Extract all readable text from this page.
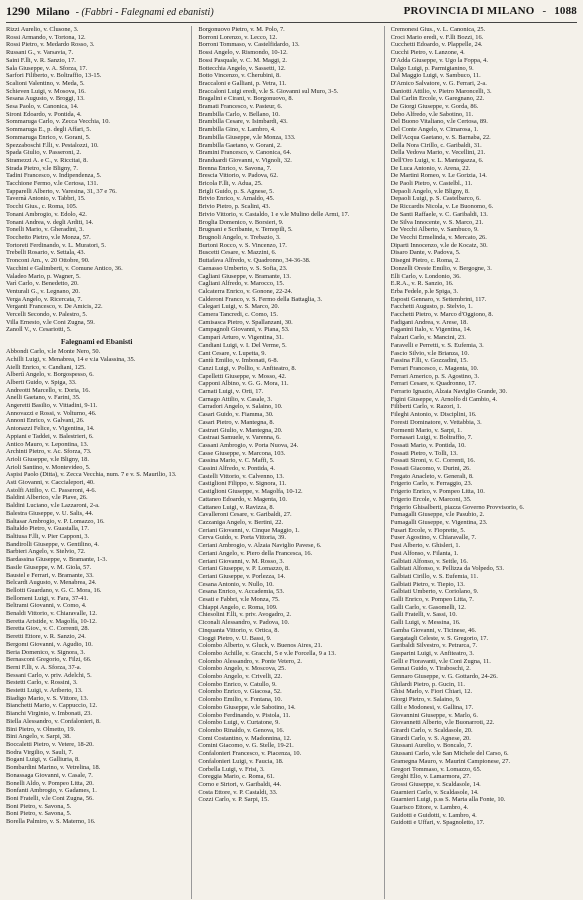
1290 Milano - (Fabbri - Falegnami ed ebanisti)	PROVINCIA DI MILANO - 1088
Rizzi Aurelio, v. Clusone, 3.
Rossi Armando, v. Tortona, 12.
Rossi Pietro, v. Medardo Rosso, 3.
Russani G., v. Varsavia, 7.
Saini F.lli, v. R. Sanzio, 17.
Sala Giuseppe, v. A. Sforza, 17.
Sarfori Filiberto, v. Boltraffio, 13-15.
Scalioni Valentino, v. Meda, 5.
Schieven Luigi, v. Mosova, 16.
Sesana Augusto, v. Broggi, 13.
Sesa Paolo, v. Canonica, 14.
Sironi Edoardo, v. Pontida, 4.
Sommaruga Carlo, v. Zecca Vecchia, 10.
Sommaruga E., p. degli Affari, 5.
Sommaruga Enrico, v. Gorani, 5.
Spezzaboschi F.lli, v. Pestalozzi, 10.
Spada Giulio, v. Passeroni, 2.
Stramezzi A. e C., v. Riccitai, 8.
Strada Pietro, v.le Bligny, 7.
Tadini Francesco, v. Indipendenza, 5.
Tacchione Fermo, v.le Certosa, 131.
Tapparelli Alberto, v. Varesina, 31, 37 e 76.
Tavernà Antonio, v. Tabbri, 15.
Tocchi Gius., c. Roma, 105.
Tonani Ambrogio, v. Edolo, 42.
Tonani Andrea, v. degli Arditi, 14.
Tonelli Mario, v. Gheradini, 3.
Tocchetto Pietro, v.le Monza, 57.
Tortoreti Ferdinando, v. L. Muratori, 5.
Trebelli Rosario, v. Settala, 43.
Tronconi Am., v. 20 Ottobre, 90.
Vacchini e Galimberti, v. Comune Antico, 36.
Valadeo Mario, p. Wagner, 5.
Varì Carlo, v. Benedetto, 20.
Venturali G., v. Legnano, 20.
Verga Angelo, v. Ricercata, 7.
Verganti Francesco, v. De Amicis, 22.
Vercelli Secondo, v. Palestro, 5.
Villa Ernesto, v.le Coni Zugna, 59.
Zanoll V., v. Cesariotti, 5.
Falegnami ed Ebanisti
Abbondi Carlo, v.le Monte Nero, 50.
Achilli Luigi, v. Menabrea, 14 e v.ia Valassina, 35.
Aielli Enrico, v. Candiani, 125.
Albertì Angelo, v. Borgospesso, 6.
Alberti Guido, v. Spiga, 33.
Andreotti Marcello, v. Doria, 16.
Anelli Gaetano, v. Farini, 35.
Angeretti Basilio, v. Vittadini, 9-11.
Annovazzi e Rossi, v. Volturno, 46.
Annoni Enrico, v. Galvani, 26.
Antonazzi Felice, v. Vigentina, 14.
Appiani e Taddei, v. Balestrieri, 6.
Antico Mauro, v. Lepontina, 13.
Archinti Pietro, v. Ac. Sforza, 73.
Arioli Giuseppe, v.le Bligny, 18.
Arioli Santino, v. Montevideo, 5.
Aspisi Paolo (Ditta), v. Zecca Vecchia, num. 7 e v. S. Maurilio, 13.
Asti Giovanni, v. Caccialepori, 40.
Astolfi Attilio, v. C. Passeroni, 4-6.
Baldini Alberico, v.le Piave, 26.
Baldini Luciano, v.le Lazzaroni, 2-a.
Balestra Giuseppe, v. U. Salis, 44.
Baltasar Ambrogio, v. P. Lomazzo, 16.
Baltaldo Pietro, v. Guastalla, 17.
Baltiusa F.lli, v. Pier Capponi, 3.
Bandirolli Giuseppe, v. Gentilino, 4.
Barbieri Angelo, v. Stelvio, 72.
Bardassina Giuseppe, v. Bramante, 1-3.
Basile Giuseppe, v. M. Giola, 57.
Baustel e Ferrari, v. Bramante, 33.
Belcardi Augusto, v. Menabrea, 24.
Bellotti Guardano, v. G. C. Mora, 16.
Bellomeni Luigi, v. Fara, 37-41.
Beltrami Giovanni, v. Como, 4.
Benaldi Vittorio, v. Chiaravalle, 12.
Beretta Aristide, v. Magolfa, 10-12.
Beretta Giov., v. C. Correnti, 28.
Beretti Ettore, v. R. Sanzio, 24.
Bergomi Giovanni, v. Agudio, 10.
Beria Domenico, v. Signora, 3.
Bernasconi Gregorio, v. Filzi, 66.
Berni F.lli, v. A. Sforza, 37-a.
Bessani Carlo, v. priv. Adelchi, 5.
Bestetti Carlo, v. Rossini, 3.
Bestetti Luigi, v. Ariberto, 13.
Biadigo Mario, v. S. Vittore, 13.
Bianchetti Mario, v. Cappuccio, 12.
Bianchi Virginio, v. Imbonati, 23.
Biella Alessandro, v. Confalonieri, 8.
Bini Pietro, v. Olmetto, 19.
Bini Angelo, v. Sarpi, 38.
Boccaletti Pietro, v. Vetere, 18-20.
Bodra Virgilio, v. Sauli, 7.
Bogani Luigi, v. Galliuria, 8.
Bombardini Marino, v. Vetrelina, 18.
Bonassaga Giovanni, v. Casale, 7.
Bonelli Aldo, v. Pompeo Litta, 20.
Bonfanti Ambrogio, v. Gadames, 1.
Boni Fratelli, v.le Coni Zugna, 56.
Boni Pietro, v. Savona, 5.
Boni Pietro, v. Savona, 5.
Borella Palmiro, v. S. Materno, 16.
Borgonuovo Pietro, v. M. Polo, 7.
Borroni Lorenzo, v. Lecco, 12.
Borroni Tommaso, v. Castelfidardo, 13.
Bossi Angelo, v. Rismondo, 10-12.
Bossi Pasquale, v. C. M. Maggi, 2.
Bottecchia Angelo, v. Sassetti, 12.
Botto Vincenzo, v. Cherubini, 8.
Braccaloni e Galliani, p. Vetra, 11.
Braccaloni Luigi eredi, v.le S. Giovanni sul Muro, 3-5.
Bragalini e Cirani, v. Borgonuovo, 8.
Bramati Francesco, v. Pasteur, 6.
Brambilla Carlo, v. Bellano, 10.
Brambilla Cesare, v. Isimbardi, 43.
Brambilla Gino, v. Lambro, 4.
Brambilla Giuseppe, v.le Monza, 133.
Brambilla Gaetano, v. Gorani, 2.
Bramini Francesco, v. Canonica, 64.
Branduardi Giovanni, v. Vignoli, 32.
Brenna Enrico, v. Savona, 7.
Brescia Vittorio, v. Padova, 62.
Bricola F.lli, v. Adua, 25.
Brigli Guido, p. S. Agnese, 5.
Brivio Enrico, v. Arnaldo, 45.
Brivio Pietro, p. Scalini, 43.
Brivio Vittorio, v. Castaldo, 1 e v.le Mulino delle Armi, 17.
Broglia Domenico, v. Borsieri, 9.
Brugnani e Scribante, v. Ternopili, 5.
Brugnoli Angelo, v. Trebazio, 3.
Burtoni Rocco, v. S. Vincenzo, 17.
Buscetti Cesare, v. Mazzini, 6.
Buttafava Alfredo, v. Quadronno, 34-36-38.
Caenasso Umberto, v. S. Sofia, 23.
Cagliani Giuseppe, v. Bramante, 13.
Cagliani Alfredo, v. Marocco, 15.
Calcaterra Enrico, v. Gonone, 22-24.
Calderoni Franco, v. S. Fermo della Battaglia, 3.
Calegari Luigi, v. S. Marco, 20.
Camera Tancredi, c. Como, 15.
Camisasca Pietro, v. Spallanzani, 30.
Campagnoli Giovanni, v. Piana, 53.
Camparì Arturo, v. Vigentina, 31.
Candiani Luigi, v. I. Del Verme, 5.
Cant Cesare, v. Lupetta, 9.
Cantù Emilio, v. Imbonati, 6-8.
Canzi Luigi, v. Pollio, v. Anfiteatro, 8.
Capelletti Giuseppe, v. Mosso, 42.
Capponi Albino, v. G. G. Mora, 11.
Carnati Luigi, v. Orti, 17.
Carnago Attilio, v. Casale, 3.
Carradori Angelo, v. Salaino, 10.
Casari Guido, v. Fiamma, 30.
Casari Pietro, v. Mantegna, 8.
Castrari Giulio, v. Mantegna, 20.
Castraai Samuele, v. Varenna, 6.
Cassani Ambrogio, v. Porta Nuova, 24.
Casse Giuseppe, v. Marcona, 103.
Cassina Mario, v. C. Maffi, 5.
Cassini Alfredo, v. Pontida, 4.
Castelli Vittorio, v. Calvenno, 13.
Castiglioni Filippo, v. Signora, 11.
Castiglioni Giuseppe, v. Magolfa, 10-12.
Cattaneo Edoardo, v. Magenta, 10.
Cattaneo Luigi, v. Ravizza, 8.
Cavalleroni Cesare, v. Garibaldi, 27.
Cazzaniga Angelo, v. Bertini, 22.
Ceriani Giovanni, v. Cinque Maggio, 1.
Cerva Guido, v. Porta Vittoria, 39.
Ceriani Ambrogio, v. Alzaia Naviglio Pavese, 6.
Ceriani Angelo, v. Piero della Francesca, 16.
Ceriani Giovanni, v. M. Rosso, 3.
Ceriani Giuseppe, v. P. Lomazzo, 8.
Ceriani Giuseppe, v. Porlezza, 14.
Cesana Antonio, v. Nullo, 10.
Cesana Enrico, v. Accademia, 53.
Cesati e Fabbri, v.le Monza, 75.
Chiappi Angelo, c. Roma, 109.
Chiesolini F.lli, v. priv. Avogadro, 2.
Ciconali Alessandro, v. Padova, 10.
Cinquanta Vittorio, v. Ortica, 8.
Cioggi Pietro, v. U. Bassi, 9.
Colombo Alberto, v. Gluck, v. Buenos Aires, 21.
Colombo Achille, v. Gracchi, 5 e v.le Forcella, 9 a 13.
Colombo Alessandro, v. Ponte Vetero, 2.
Colombo Angelo, v. Moscova, 25.
Colombo Angelo, v. Crivelli, 22.
Colombo Enrico, v. Catullo, 9.
Colombo Enrico, v. Giacosa, 52.
Colombo Emilio, v. Fontana, 10.
Colombo Giuseppe, v.le Sabotino, 14.
Colombo Ferdinando, v. Pistola, 11.
Colombo Luigi, v. Curtatone, 9.
Colombo Rinaldo, v. Genova, 16.
Comi Costantino, v. Madonnina, 12.
Comini Giacomo, v. G. Stelle, 19-21.
Confalonieri Francesco, v. Piacenza, 10.
Confalonieri Luigi, v. Faucia, 18.
Corbella Luigi, v. Frisi, 3.
Coreggia Mario, c. Roma, 61.
Corno e Sirtori, v. Garibaldi, 44.
Costa Ettore, v. P. Castaldi, 33.
Cozzi Carlo, v. P. Sarpi, 15.
Cremonesi Gius., v. L. Canonica, 25.
Croci Mario eredi, v. F.lli Bozzi, 16.
Cucchetti Edoardo, v. Plappelle, 24.
Cucchi Pietro, v. Lanzone, 4.
D'Adda Giuseppe, v. Ugo la Foppa, 4.
Dalgo Luigi, p. Parmigianino, 9.
Dal Maggio Luigi, v. Sambuco, 11.
D'Amico Salvatore, v. G. Ferrari, 2-a.
Daniotti Attilio, v. Pietro Maroncelli, 3.
Dal Carlin Ercole, v. Garegnano, 22.
De Giorgi Giuseppe, v. Gorda, 86.
Debo Alfredo, v.le Sabotino, 11.
Del Buono Vitaliano, v.le Certosa, 89.
Del Conte Angelo, v. Cimarosa, 1.
Dell'Acqua Gaetano, v. S. Barnaba, 22.
Della Nora Cirillo, c. Garibaldi, 31.
Della Vedova Mario, v. Vecellini, 21.
Dell'Oro Luigi, v. L. Mantegazza, 6.
De Luca Antonio, v. Arena, 22.
De Martini Romeo, v. Le Gorizia, 14.
De Paoli Pietro, v. Castelbl., 11.
Depaoli Angelo, v.le Bligny, 8.
Depaoli Luigi, p. S. Castelbarco, 6.
De Riccardis Nicola, v. Le Buonomo, 6.
De Santi Raffaele, v. C. Garibaldi, 13.
De Silva Innocente, v. S. Marco, 21.
De Vecchi Alberto, v. Sambuco, 9.
De Vecchi Ermelinda, v. Mercato, 26.
Diparti Innocenzo, v.le de Kocatz, 30.
Disaro Dante, v. Padova, 5.
Disegni Pietro, c. Roma, 2.
Donzelli Oreste Emilio, v. Bergogne, 3.
Elli Carlo, v. Londonio, 36.
E.R.A., v. R. Sanzio, 16.
Erba Fedele, p.le Spiga, 3.
Esposti Gennaro, v. Settembrini, 117.
Facchetti Augusto, p. Stelvio, 1.
Facchetti Pietro, v. Marco d'Oggiono, 8.
Fadigani Andrea, v. Arese, 18.
Faganini Italo, v. Vigentina, 14.
Falzari Carlo, v. Mancini, 23.
Faravelli e Perretti, v. S. Eufemia, 3.
Fascio Silvio, v.le Brianza, 10.
Fassina F.lli, v. Gozzadini, 15.
Ferrari Francesco, c. Magenta, 10.
Ferrari Americo, p. S. Agostino, 3.
Ferrari Cesare, v. Quadronno, 17.
Ferrario Ignazio, Alzaia Naviglio Grande, 30.
Figini Giuseppe, v. Arnolfo di Cambio, 4.
Filiberti Carlo, v. Razori, 1.
Fileghi Antonio, v. Disciplini, 16.
Foresti Dominatore, v. Vettabbia, 3.
Formenti Mario, v. Sarpi, 1.
Fornasari Luigi, v. Boltraffio, 7.
Fossati Mario, v. Pontida, 10.
Fossati Pietro, v. Tolli, 13.
Fossati Sironi, v. C. Correnti, 16.
Fossati Giacomo, v. Durini, 26.
Fregato Anacleto, v. Generali, 8.
Frigerio Carlo, v. Ferraggio, 23.
Frigerio Enrico, v. Pompeo Litta, 10.
Frigerio Ercole, v. Marconi, 35.
Frigerio Ghisalberti, piazza Governo Provvisorio, 6.
Fumagalli Giuseppe, v.le Pasubio, 2.
Fumagalli Giuseppe, v. Vigentina, 23.
Fusari Ercole, v. Fioprette, 5.
Fuser Agostino, v. Chiaravalle, 7.
Fusi Alberto, v. Ghisleri, 1.
Fusi Alfonso, v. Filanta, 1.
Galbiati Alfonso, v. Seitle, 16.
Galbiati Alfonso, v. Pellizza da Volpedo, 53.
Galbiati Cirillo, v. S. Eufemia, 11.
Galbiati Pietro, v. Tiepio, 13.
Galbiati Umberto, v. Coriolano, 9.
Galli Enrico, v. Pompeo Litta, 7.
Galli Carlo, v. Gasomelli, 12.
Galli Fratelli, v. Sassi, 10.
Galli Luigi, v. Messina, 16.
Gamba Giovanni, v. Ticinese, 46.
Gargatagli Celeste, v. S. Gregorio, 17.
Garibaldi Silvestro, v. Petrarca, 7.
Gasparini Luigi, v. Anfiteatro, 3.
Gelli e Fioravanti, v.le Coni Zugna, 11.
Gennai Guido, v. Tiraboschi, 2.
Gennaro Giuseppe, v. G. Gottardo, 24-26.
Ghilardi Pietro, p. Gucin, 11.
Ghisi Marlo, v. Fiori Chiari, 12.
Giorgi Pietro, v. Salaino, 9.
Gilli e Modonesi, v. Gallina, 17.
Giovannini Giuseppe, v. Marlo, 6.
Giovannetti Alberto, v.le Buonarroti, 22.
Girardi Carlo, v. Scaldasole, 20.
Girardi Carlo, v. S. Agnese, 20.
Giussani Aurelio, v. Boncalo, 7.
Giussani Carlo, v.le San Michele del Carso, 6.
Gramegna Mauro, v. Maurini Campionese, 27.
Gregori Tommaso, v. Lomazzo, 65.
Greghi Elio, v. Lamarmora, 27.
Grossi Giuseppe, v. Scaldasole, 14.
Guarnieri Carlo, v. Scaldasole, 14.
Guarnieri Luigi, p.ss S. Marta alla Fonte, 10.
Guarisco Ettore, v. Lambro, 4.
Guidotti e Guidotti, v. Lambro, 4.
Guidotti e Uffari, v. Spagnoletto, 17.
